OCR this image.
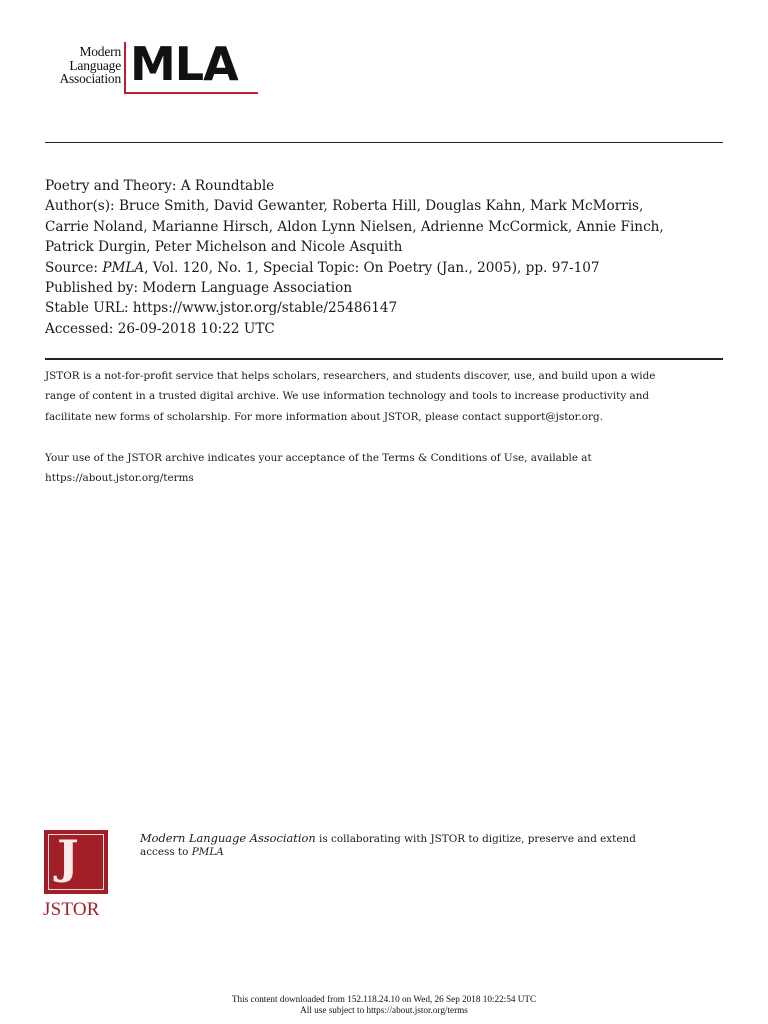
Modern
Language
Association MLA
Poetry and Theory: A Roundtable
Author(s): Bruce Smith, David Gewanter, Roberta Hill, Douglas Kahn, Mark McMorris,
Carrie Noland, Marianne Hirsch, Aldon Lynn Nielsen, Adrienne McCormick, Annie Finch,
Patrick Durgin, Peter Michelson and Nicole Asquith
Source: PMLA, Vol. 120, No. 1, Special Topic: On Poetry (Jan., 2005), pp. 97-107
Published by: Modern Language Association
Stable URL: https://www.jstor.org/stable/25486147
Accessed: 26-09-2018 10:22 UTC
JSTOR is a not-for-profit service that helps scholars, researchers, and students discover, use, and build upon a wide
range of content in a trusted digital archive. We use information technology and tools to increase productivity and
facilitate new forms of scholarship. For more information about JSTOR, please contact support@jstor.org.
Your use of the JSTOR archive indicates your acceptance of the Terms & Conditions of Use, available at
https://about.jstor.org/terms
J
JSTOR
Modern Language Association is collaborating with JSTOR to digitize, preserve and extend
access to PMLA
This content downloaded from 152.118.24.10 on Wed, 26 Sep 2018 10:22:54 UTC
All use subject to https://about.jstor.org/terms
